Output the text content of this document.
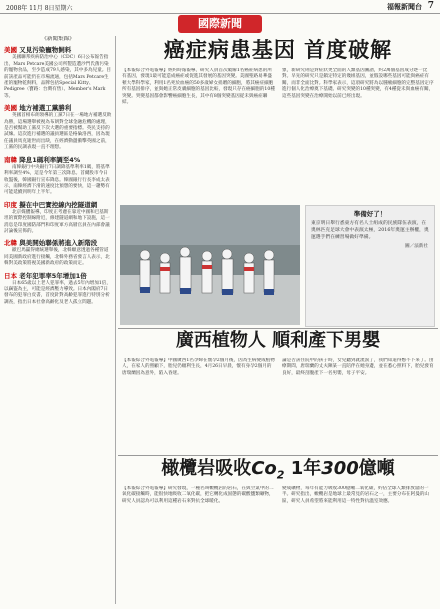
2008年 11月 8日星期六	福報新聞台 7
國際新聞
《新聞集錦》
美國 又見污染寵物飼料
美國聯邦疾病防治中心（CDC）6日公布報告指出，Mars Petcare美國公司所製造遭沙門氏菌污染的寵物食品，至少造成79人感染，其中多為兒童。目前該產品可能仍在市場流通，包括Mars Petcare生產的寵物乾飼料，品牌包括Special Kitty、Pedigree（寶路：台灣有售）、Member's Mark等。
美國 地方補選工黨勝利
英國首相布朗領導的工黨7日在一場地方補選反敗為勝，這場選舉被視為布朗對全球金融危機的處理，是否被幫助工黨反下次大選的重要指標。英民支持的試煉。這次進行補選的議員選區是格倫洛西，因為現任議員馬克逝世而出缺，在經濟動盪衝擊英國之前，工黨的民調表現一直不理想。
南韓 降息1碼利率調至4%
南韓銀行中央銀行7日調降基準利率1碼，將基準利率調至4%，這是今年第三次降息。首爾股市今日收盤後，韓國銀行宣布降息。韓國銀行行長李成太表示，南韓經濟下滑的速度比預想的要快，這一趨勢有可能延續到明年上半年。
印度 擬在中巴實控線內挖隧道網
北京媒體報導，印度正考慮在靠近中國和巴基斯坦的實際控制線附近，修建隧道網和地下設施，這一消息是印度國防部門和印度軍方高層官員在內部會議討論後宣佈的。
北韓 與美開始聯係將進入新階段
歐巴馬贏得總統選舉後，北韓願意透過各種管道同美國新政府進行接觸，北韓外務省發言人表示，北韓對美政策將視美國新政府的政策而定。
日本 老年犯罪率5年增加1倍
日本65歲以上老人犯罪率，過去5年內增加1倍，以竊盜為主，可能是經濟壓力導致。日本內閣府7日發布的犯罪白皮書，首度針對高齡犯罪進行特別分析調查，指出日本社會高齡化及老人孤立問題。
癌症病患基因 首度破解
【本報綜合外電報導】經約時報報導，研究人員首次破解1名癌症病患的所有基因，發現1最可能造成癌症或促進其發展的基因突變。美國聖路易華盛頓大學科學家，利用1名死於血癌的50多歲婦女捐贈的細胞，將其癌症細胞所有基因排序，並與她正常皮膚細胞的基因比較，發現只存在癌細胞的10種突變。突變基因都會影響癌細胞生長，其中有8個突變基因從未與癌症聯結。
象，新研究則是對症狀更全面的人類基因圖譜，約2萬個基因成分逐一比對。早先的研究只是鎖定特定的幾組基因，並假設哪些基因可能與癌症有關，而非全面比對。科學家表示，這項研究將為以腫瘤細胞的完整基因定序進行個人化治療奠下基礎。研究突變的10種突變，有4種從未與血癌有關，這些基因突變在治療開始以前已經出現。
準備好了！
東京明日舉行悉東方有名人士組成的民族隊伍表演，在奧林匹克足球大會中表演太極，2016年奧運主辦權，奧運選手們在練習場做好準備。
圖／法新社
廣西植物人 順利產下男嬰
【本報綜合外電報導】中國廣西1名孕婦在懷孕2個月後，因為生病變成植物人，在家人的照顧下，胎兒仍順利生長，4月26日早晨，懷有身孕2個月的唐瑞蘭因為意外，陷入昏迷。
論是否該住院中的孩子時，女兒聽到就流淚了，我們知道得憋不下來了。由療期間，唐瑞蘭的丈夫陳某一直陪伴在她身邊，並在悉心照料下，胎兒發育良好，最終剖腹產下一名男嬰，母子平安。
橄欖岩吸收$Co_2$ 1年300億噸
【本報綜合外電報導】研究發現，一種名叫橄欖岩的岩石，在與空氣中的二氧化碳接觸時，能很快地吸收二氧化碳，把它轉化成固態的碳酸鹽類礦物，研究人員認為可以利用這種岩石來對抗全球暖化。
變成礦物，每年有能力吸收300億噸二氧化碳，約佔全球人類排放量的一半。研究指出，橄欖岩是地球上最常見的岩石之一，主要分布在阿曼的山區，研究人員希望將來能利用這一特性對抗溫室效應。
